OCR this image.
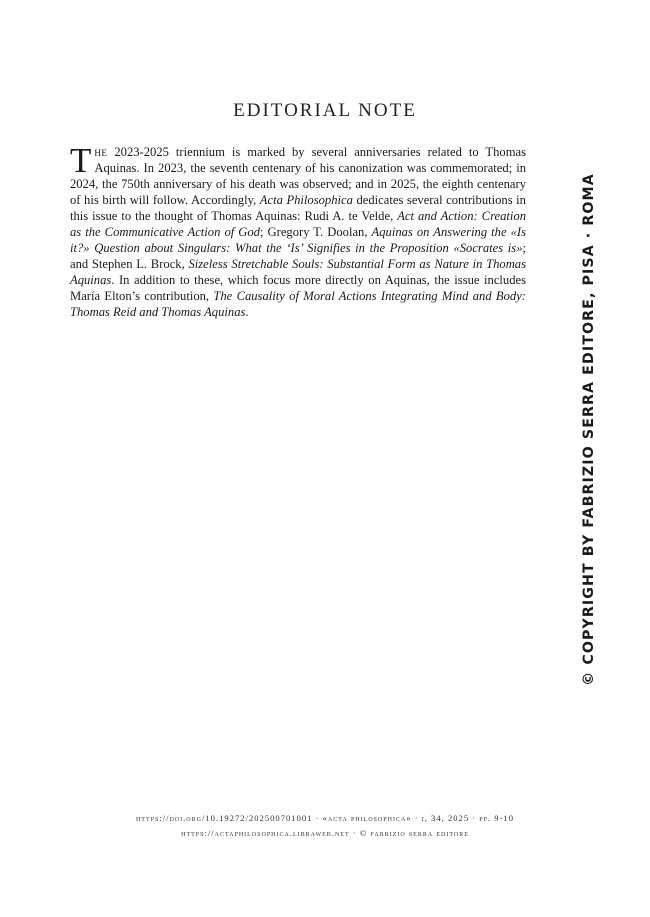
EDITORIAL NOTE
The 2023-2025 triennium is marked by several anniversaries related to Thomas Aquinas. In 2023, the seventh centenary of his canonization was commemorated; in 2024, the 750th anniversary of his death was observed; and in 2025, the eighth centenary of his birth will follow. Accordingly, Acta Philosophica dedicates several contributions in this issue to the thought of Thomas Aquinas: Rudi A. te Velde, Act and Action: Creation as the Communicative Action of God; Gregory T. Doolan, Aquinas on Answering the «Is it?» Question about Singulars: What the ‘Is’ Signifies in the Proposition «Socrates is»; and Stephen L. Brock, Sizeless Stretchable Souls: Substantial Form as Nature in Thomas Aquinas. In addition to these, which focus more directly on Aquinas, the issue includes María Elton’s contribution, The Causality of Moral Actions Integrating Mind and Body: Thomas Reid and Thomas Aquinas.	© COPYRIGHT BY FABRIZIO SERRA EDITORE, PISA · ROMA
https://doi.org/10.19272/202500701001 · «acta philosophica» · i, 34, 2025 · pp. 9-10
https://actaphilosophica.libraweb.net · © fabrizio serra editore
